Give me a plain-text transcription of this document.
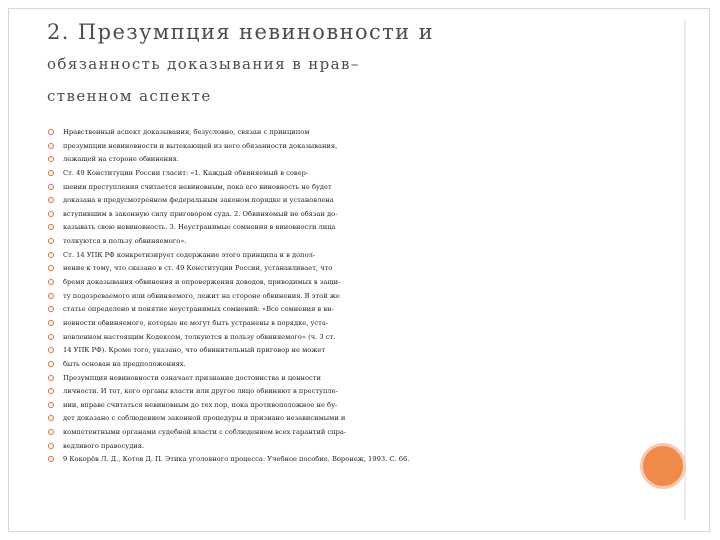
2. Презумпция невиновности и
обязанность доказывания в нрав–
ственном аспекте
Нравственный аспект доказывания, безусловно, связан с принципом
презумпции невиновности и вытекающей из него обязанности доказывания,
лежащей на стороне обвинения.
Ст. 49 Конституции России гласит: «1. Каждый обвиняемый в совер-
шении преступления считается невиновным, пока его виновность не будет
доказана в предусмотренном федеральным законом порядке и установлена
вступившим в законную силу приговором суда. 2. Обвиняемый не обязан до-
казывать свою невиновность. 3. Неустранимые сомнения в виновности лица
толкуются в пользу обвиняемого».
Ст. 14 УПК РФ конкретизирует содержание этого принципа и в допол-
нение к тому, что сказано в ст. 49 Конституции России, устанавливает, что
бремя доказывания обвинения и опровержения доводов, приводимых в защи-
ту подозреваемого или обвиняемого, лежит на стороне обвинения. В этой же
статье определено и понятие неустранимых сомнений: «Все сомнения в ви-
новности обвиняемого, которые не могут быть устранены в порядке, уста-
новленном настоящим Кодексом, толкуются в пользу обвиняемого» (ч. 3 ст.
14 УПК РФ). Кроме того, указано, что обвинительный приговор не может
быть основан на предположениях.
Презумпция невиновности означает признание достоинства и ценности
личности. И тот, кого органы власти или другое лицо обвиняют в преступле-
нии, вправе считаться невиновным до тех пор, пока противоположное не бу-
дет доказано с соблюдением законной процедуры и признано независимыми и
компетентными органами судебной власти с соблюдением всех гарантий спра-
ведливого правосудия.
9 Кокорёв Л. Д., Котов Д. П. Этика уголовного процесса: Учебное пособие. Воронеж, 1993. С. 66.
